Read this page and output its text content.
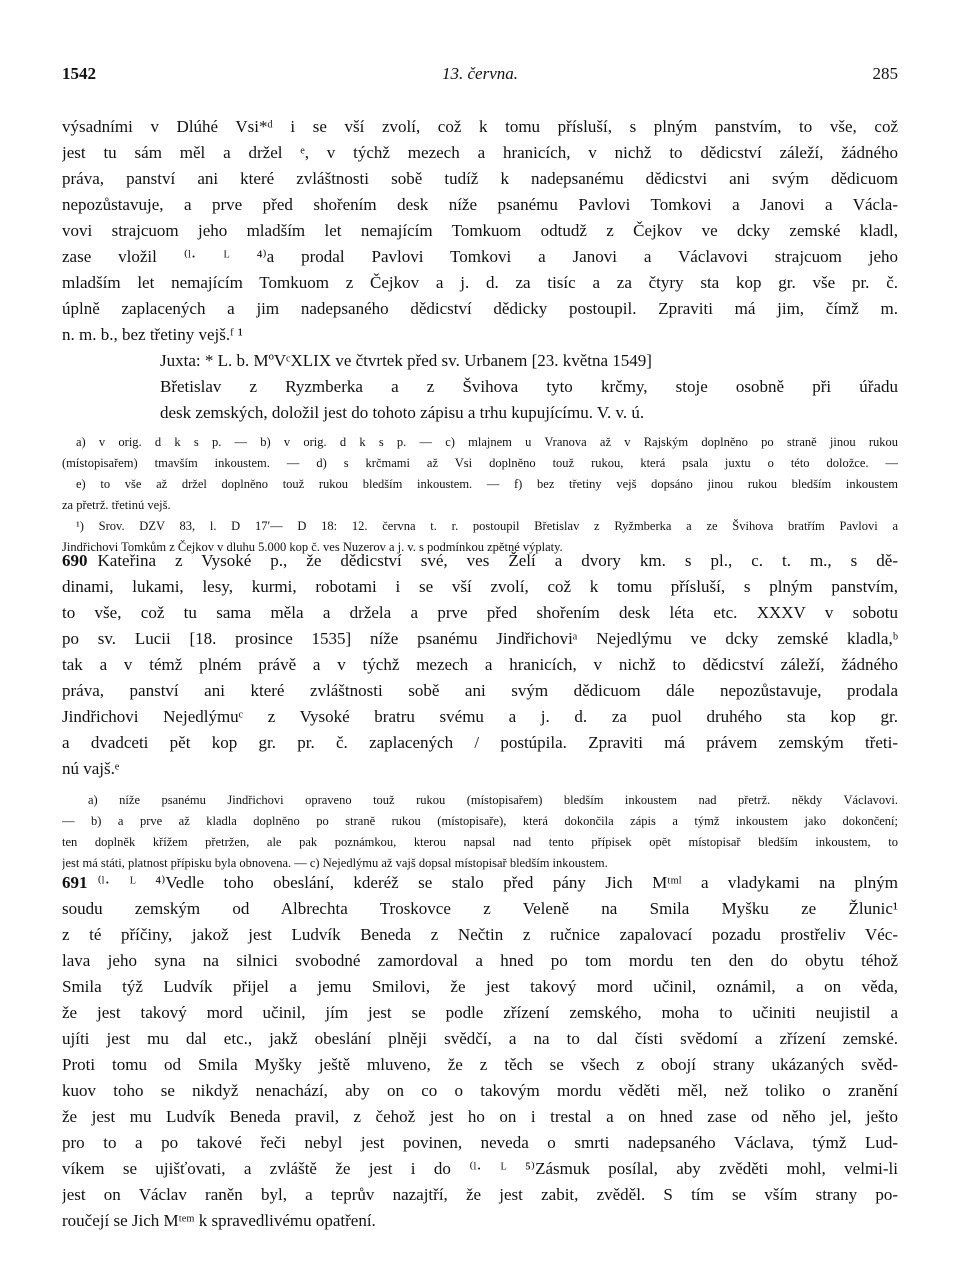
1542	13. června.	285
výsadními v Dlúhé Vsi*ᵈ i se vší zvolí, což k tomu přísluší, s plným panstvím, to vše, což
jest tu sám měl a držel ᵉ, v týchž mezech a hranicích, v nichž to dědicství záleží, žádného
práva, panství ani které zvláštnosti sobě tudíž k nadepsanému dědicstvi ani svým dědicuom
nepozůstavuje, a prve před shořením desk níže psanému Pavlovi Tomkovi a Janovi a Václa-
vovi strajcuom jeho mladším let nemajícím Tomkuom odtudž z Čejkov ve dcky zemské kladl,
zase vložil ⁽ˡ· ᴸ ⁴⁾a prodal Pavlovi Tomkovi a Janovi a Václavovi strajcuom jeho
mladším let nemajícím Tomkuom z Čejkov a j. d. za tisíc a za čtyry sta kop gr. vše pr. č.
úplně zaplacených a jim nadepsaného dědicství dědicky postoupil. Zpraviti má jim, čímž m.
n. m. b., bez třetiny vejš.ᶠ ¹
Juxta: * L. b. MºVᶜXLIX ve čtvrtek před sv. Urbanem [23. května 1549]
Břetislav z Ryzmberka a z Švihova tyto krčmy, stoje osobně při úřadu
desk zemských, doložil jest do tohoto zápisu a trhu kupujícímu. V. v. ú.
a) v orig. d k s p. — b) v orig. d k s p. — c) mlajnem u Vranova až v Rajským doplněno po straně jinou rukou
(místopisařem) tmavším inkoustem. — d) s krčmami až Vsi doplněno touž rukou, která psala juxtu o této doložce. —
e) to vše až držel doplněno touž rukou bledším inkoustem. — f) bez třetiny vejš dopsáno jinou rukou bledším inkoustem
za přetrž. třetinú vejš.
¹) Srov. DZV 83, l. D 17′— D 18: 12. června t. r. postoupil Břetislav z Ryžmberka a ze Švihova bratřím Pavlovi a
Jindřichovi Tomkům z Čejkov v dluhu 5.000 kop č. ves Nuzerov a j. v. s podmínkou zpětné výplaty.
690 Kateřina z Vysoké p., že dědicství své, ves Želí a dvory km. s pl., c. t. m., s dě-
dinami, lukami, lesy, kurmi, robotami i se vší zvolí, což k tomu přísluší, s plným panstvím,
to vše, což tu sama měla a držela a prve před shořením desk léta etc. XXXV v sobotu
po sv. Lucii [18. prosince 1535] níže psanému Jindřichoviᵃ Nejedlýmu ve dcky zemské kladla,ᵇ
tak a v témž plném právě a v týchž mezech a hranicích, v nichž to dědicství záleží, žádného
práva, panství ani které zvláštnosti sobě ani svým dědicuom dále nepozůstavuje, prodala
Jindřichovi Nejedlýmuᶜ z Vysoké bratru svému a j. d. za puol druhého sta kop gr.
a dvadceti pět kop gr. pr. č. zaplacených / postúpila. Zpraviti má právem zemským třeti-
nú vajš.ᵉ
a) níže psanému Jindřichovi opraveno touž rukou (místopisařem) bledším inkoustem nad přetrž. někdy Václavovi.
— b) a prve až kladla doplněno po straně rukou (místopisaře), která dokončila zápis a týmž inkoustem jako dokončení;
ten doplněk křížem přetržen, ale pak poznámkou, kterou napsal nad tento přípisek opět místopisař bledším inkoustem, to
jest má státi, platnost přípisku byla obnovena. — c) Nejedlýmu až vajš dopsal místopisař bledším inkoustem.
691 ⁽ˡ· ᴸ ⁴⁾Vedle toho obeslání, kderéž se stalo před pány Jich Mᵗᵐˡ a vladykami na plným
soudu zemským od Albrechta Troskovce z Veleně na Smila Myšku ze Žlunic¹
z té příčiny, jakož jest Ludvík Beneda z Nečtin z ručnice zapalovací pozadu prostřeliv Véc-
lava jeho syna na silnici svobodné zamordoval a hned po tom mordu ten den do obytu téhož
Smila týž Ludvík přijel a jemu Smilovi, že jest takový mord učinil, oznámil, a on věda,
že jest takový mord učinil, jím jest se podle zřízení zemského, moha to učiniti neujistil a
ujíti jest mu dal etc., jakž obeslání plněji svědčí, a na to dal čísti svědomí a zřízení zemské.
Proti tomu od Smila Myšky ještě mluveno, že z těch se všech z obojí strany ukázaných svěd-
kuov toho se nikdyž nenachází, aby on co o takovým mordu věděti měl, než toliko o zranění
že jest mu Ludvík Beneda pravil, z čehož jest ho on i trestal a on hned zase od něho jel, ješto
pro to a po takové řeči nebyl jest povinen, neveda o smrti nadepsaného Václava, týmž Lud-
víkem se ujišťovati, a zvláště že jest i do ⁽ˡ· ᴸ ⁵⁾Zásmuk posílal, aby zvěděti mohl, velmi-li
jest on Václav raněn byl, a teprův nazajtří, že jest zabit, zvěděl. S tím se vším strany po-
roučejí se Jich Mᵗᵉᵐ k spravedlivému opatření.
